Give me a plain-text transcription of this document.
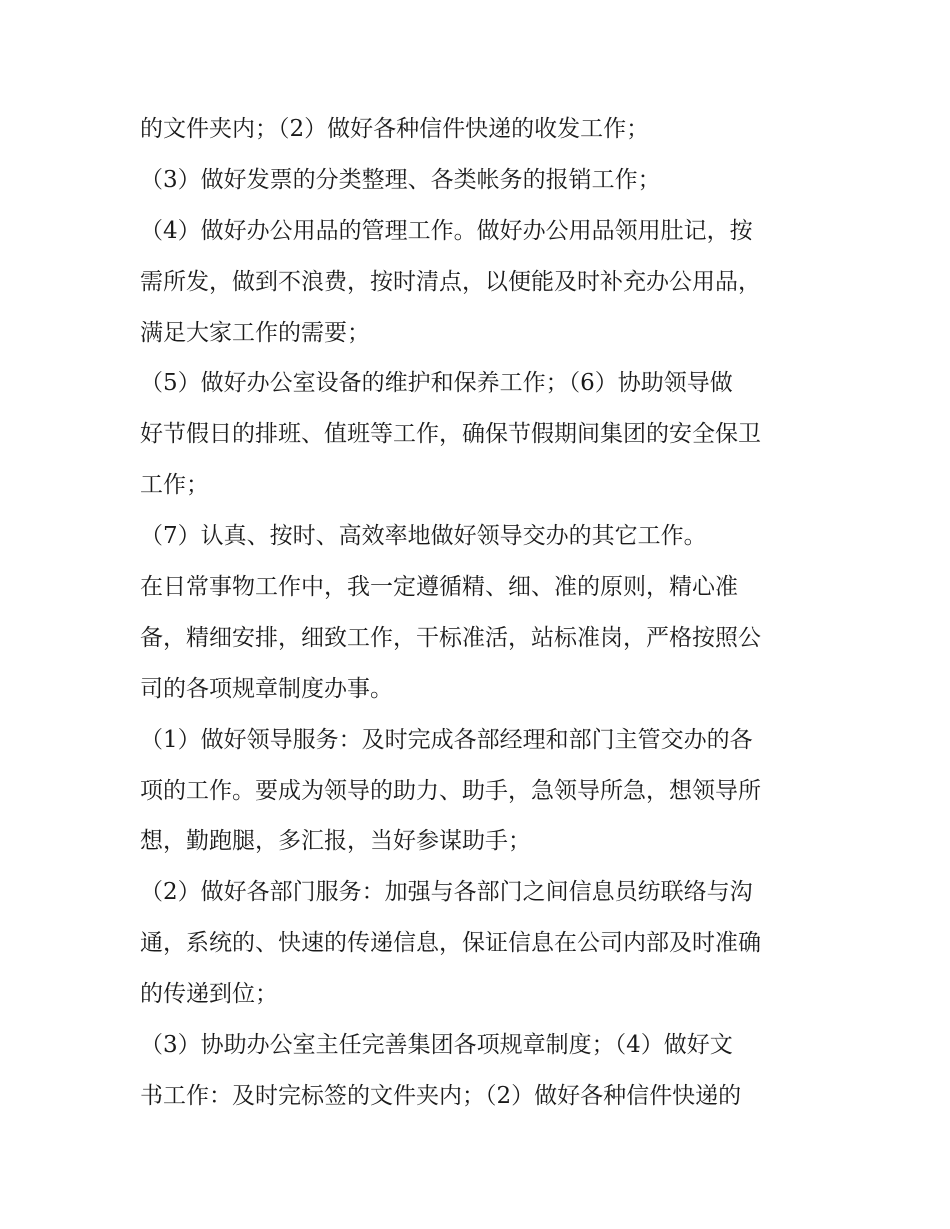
的文件夹内；（2）做好各种信件快递的收发工作；
（3）做好发票的分类整理、各类帐务的报销工作；
（4）做好办公用品的管理工作。做好办公用品领用肚记，按
需所发，做到不浪费，按时清点，以便能及时补充办公用品，
满足大家工作的需要；
（5）做好办公室设备的维护和保养工作；（6）协助领导做
好节假日的排班、值班等工作，确保节假期间集团的安全保卫
工作；
（7）认真、按时、高效率地做好领导交办的其它工作。
在日常事物工作中，我一定遵循精、细、准的原则，精心准
备，精细安排，细致工作，干标准活，站标准岗，严格按照公
司的各项规章制度办事。
（1）做好领导服务：及时完成各部经理和部门主管交办的各
项的工作。要成为领导的助力、助手，急领导所急，想领导所
想，勤跑腿，多汇报，当好参谋助手；
（2）做好各部门服务：加强与各部门之间信息员纺联络与沟
通，系统的、快速的传递信息，保证信息在公司内部及时准确
的传递到位；
（3）协助办公室主任完善集团各项规章制度；（4）做好文
书工作：及时完标签的文件夹内；（2）做好各种信件快递的
